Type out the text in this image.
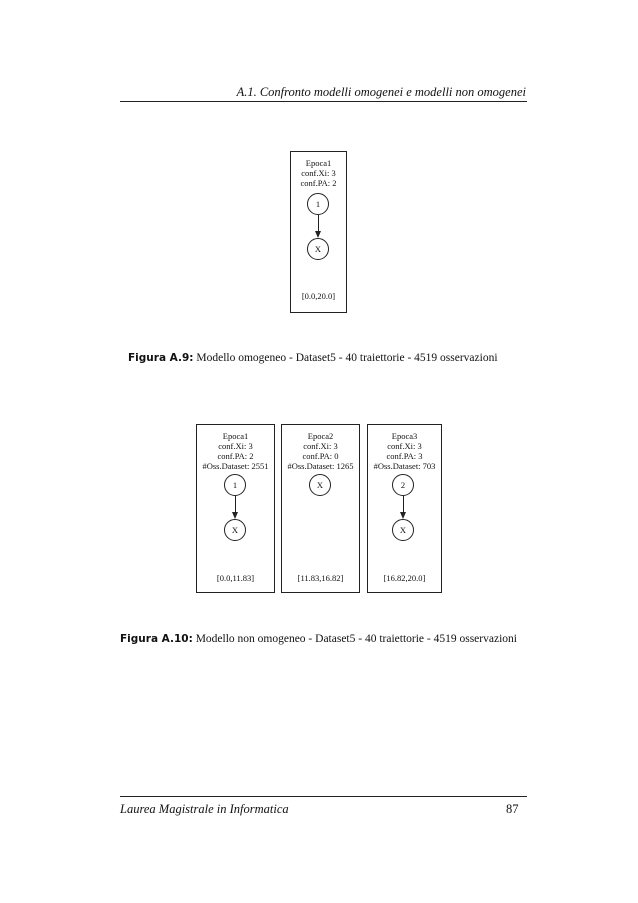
A.1. Confronto modelli omogenei e modelli non omogenei
Epoca1
conf.Xi: 3
conf.PA: 2
[0.0,20.0]
1
X
Figura A.9: Modello omogeneo - Dataset5 - 40 traiettorie - 4519 osservazioni
Epoca1
conf.Xi: 3
conf.PA: 2
#Oss.Dataset: 2551
[0.0,11.83]
1
X
Epoca2
conf.Xi: 3
conf.PA: 0
#Oss.Dataset: 1265
[11.83,16.82]
X
Epoca3
conf.Xi: 3
conf.PA: 3
#Oss.Dataset: 703
[16.82,20.0]
2
X
Figura A.10: Modello non omogeneo - Dataset5 - 40 traiettorie - 4519 osservazioni
Laurea Magistrale in Informatica	87
